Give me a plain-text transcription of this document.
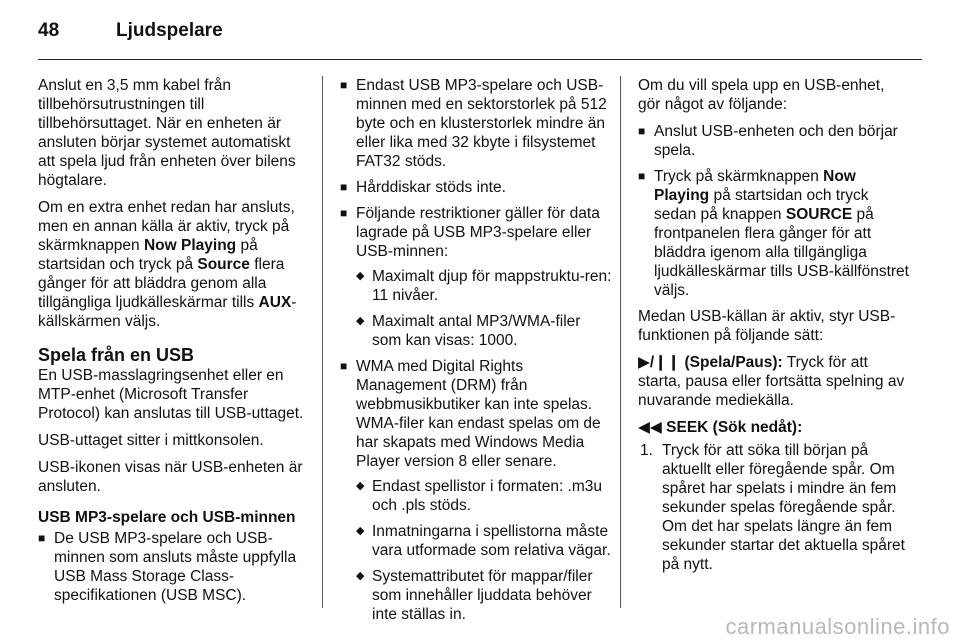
48	Ljudspelare

Anslut en 3,5 mm kabel från tillbehörsutrustningen till tillbehörsuttaget. När en enheten är ansluten börjar systemet automatiskt att spela ljud från enheten över bilens högtalare.

Om en extra enhet redan har ansluts, men en annan källa är aktiv, tryck på skärmknappen Now Playing på startsidan och tryck på Source flera gånger för att bläddra genom alla tillgängliga ljudkälleskärmar tills AUX-källskärmen väljs.

Spela från en USB

En USB-masslagringsenhet eller en MTP-enhet (Microsoft Transfer Protocol) kan anslutas till USB-uttaget.

USB-uttaget sitter i mittkonsolen.

USB-ikonen visas när USB-enheten är ansluten.

USB MP3-spelare och USB-minnen
■ De USB MP3-spelare och USB-minnen som ansluts måste uppfylla USB Mass Storage Class-specifikationen (USB MSC).
■ Endast USB MP3-spelare och USB-minnen med en sektorstorlek på 512 byte och en klusterstorlek mindre än eller lika med 32 kbyte i filsystemet FAT32 stöds.
■ Hårddiskar stöds inte.
■ Följande restriktioner gäller för data lagrade på USB MP3-spelare eller USB-minnen:
◆ Maximalt djup för mappstruktu-ren: 11 nivåer.
◆ Maximalt antal MP3/WMA-filer som kan visas: 1000.
■ WMA med Digital Rights Management (DRM) från webbmusikbutiker kan inte spelas. WMA-filer kan endast spelas om de har skapats med Windows Media Player version 8 eller senare.
◆ Endast spellistor i formaten: .m3u och .pls stöds.
◆ Inmatningarna i spellistorna måste vara utformade som relativa vägar.
◆ Systemattributet för mappar/filer som innehåller ljuddata behöver inte ställas in.

Om du vill spela upp en USB-enhet, gör något av följande:

■ Anslut USB-enheten och den börjar spela.
■ Tryck på skärmknappen Now Playing på startsidan och tryck sedan på knappen SOURCE på frontpanelen flera gånger för att bläddra igenom alla tillgängliga ljudkälleskärmar tills USB-källfönstret väljs.

Medan USB-källan är aktiv, styr USB-funktionen på följande sätt:

▶/❙❙ (Spela/Paus): Tryck för att starta, pausa eller fortsätta spelning av nuvarande mediekälla.

◀◀ SEEK (Sök nedåt):
1. Tryck för att söka till början på aktuellt eller föregående spår. Om spåret har spelats i mindre än fem sekunder spelas föregående spår. Om det har spelats längre än fem sekunder startar det aktuella spåret på nytt.
carmanualsonline.info
